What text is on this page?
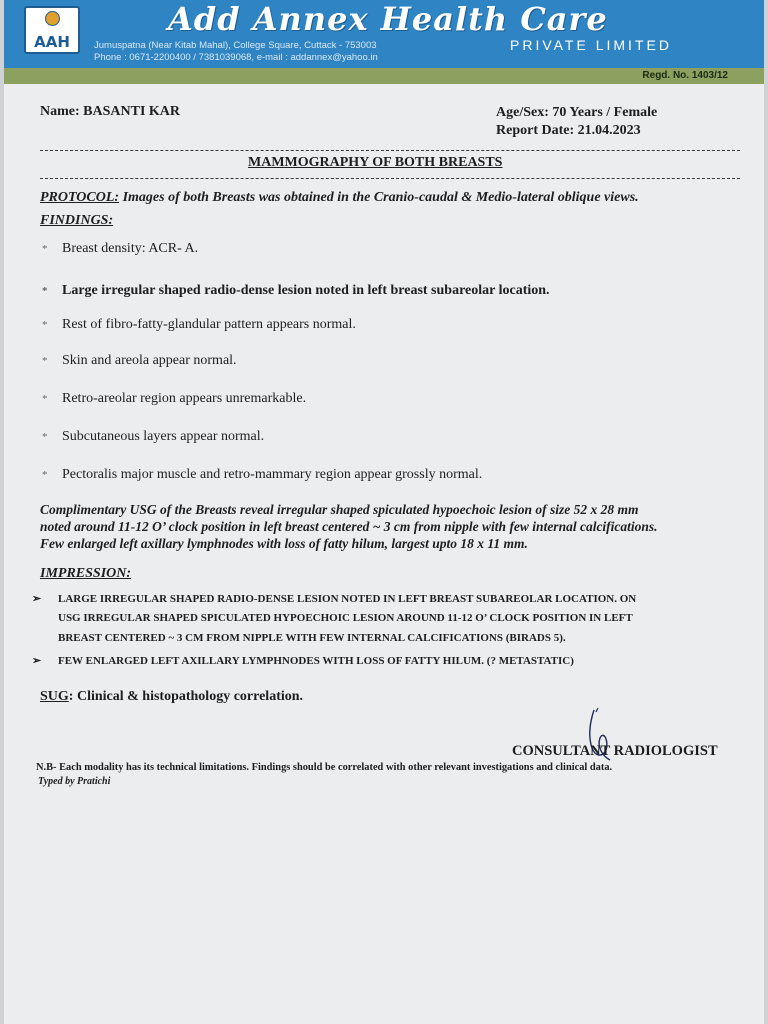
AAH
Add Annex Health Care
Jumuspatna (Near Kitab Mahal), College Square, Cuttack - 753003
Phone : 0671-2200400 / 7381039068, e-mail : addannex@yahoo.in
PRIVATE LIMITED
Regd. No. 1403/12
Name: BASANTI KAR	Age/Sex: 70 Years / Female
Report Date: 21.04.2023
MAMMOGRAPHY OF BOTH BREASTS
PROTOCOL: Images of both Breasts was obtained in the Cranio-caudal & Medio-lateral oblique views.
FINDINGS:
* Breast density: ACR- A.
* Large irregular shaped radio-dense lesion noted in left breast subareolar location.
* Rest of fibro-fatty-glandular pattern appears normal.
* Skin and areola appear normal.
* Retro-areolar region appears unremarkable.
* Subcutaneous layers appear normal.
* Pectoralis major muscle and retro-mammary region appear grossly normal.
Complimentary USG of the Breasts reveal irregular shaped spiculated hypoechoic lesion of size 52 x 28 mm
noted around 11-12 O’ clock position in left breast centered ~ 3 cm from nipple with few internal calcifications.
Few enlarged left axillary lymphnodes with loss of fatty hilum, largest upto 18 x 11 mm.
IMPRESSION:
➢ LARGE IRREGULAR SHAPED RADIO-DENSE LESION NOTED IN LEFT BREAST SUBAREOLAR LOCATION. ON
USG IRREGULAR SHAPED SPICULATED HYPOECHOIC LESION AROUND 11-12 O’ CLOCK POSITION IN LEFT
BREAST CENTERED ~ 3 CM FROM NIPPLE WITH FEW INTERNAL CALCIFICATIONS (BIRADS 5).
➢ FEW ENLARGED LEFT AXILLARY LYMPHNODES WITH LOSS OF FATTY HILUM. (? METASTATIC)
SUG: Clinical & histopathology correlation.
CONSULTANT RADIOLOGIST
N.B- Each modality has its technical limitations. Findings should be correlated with other relevant investigations and clinical data.
Typed by Pratichi
